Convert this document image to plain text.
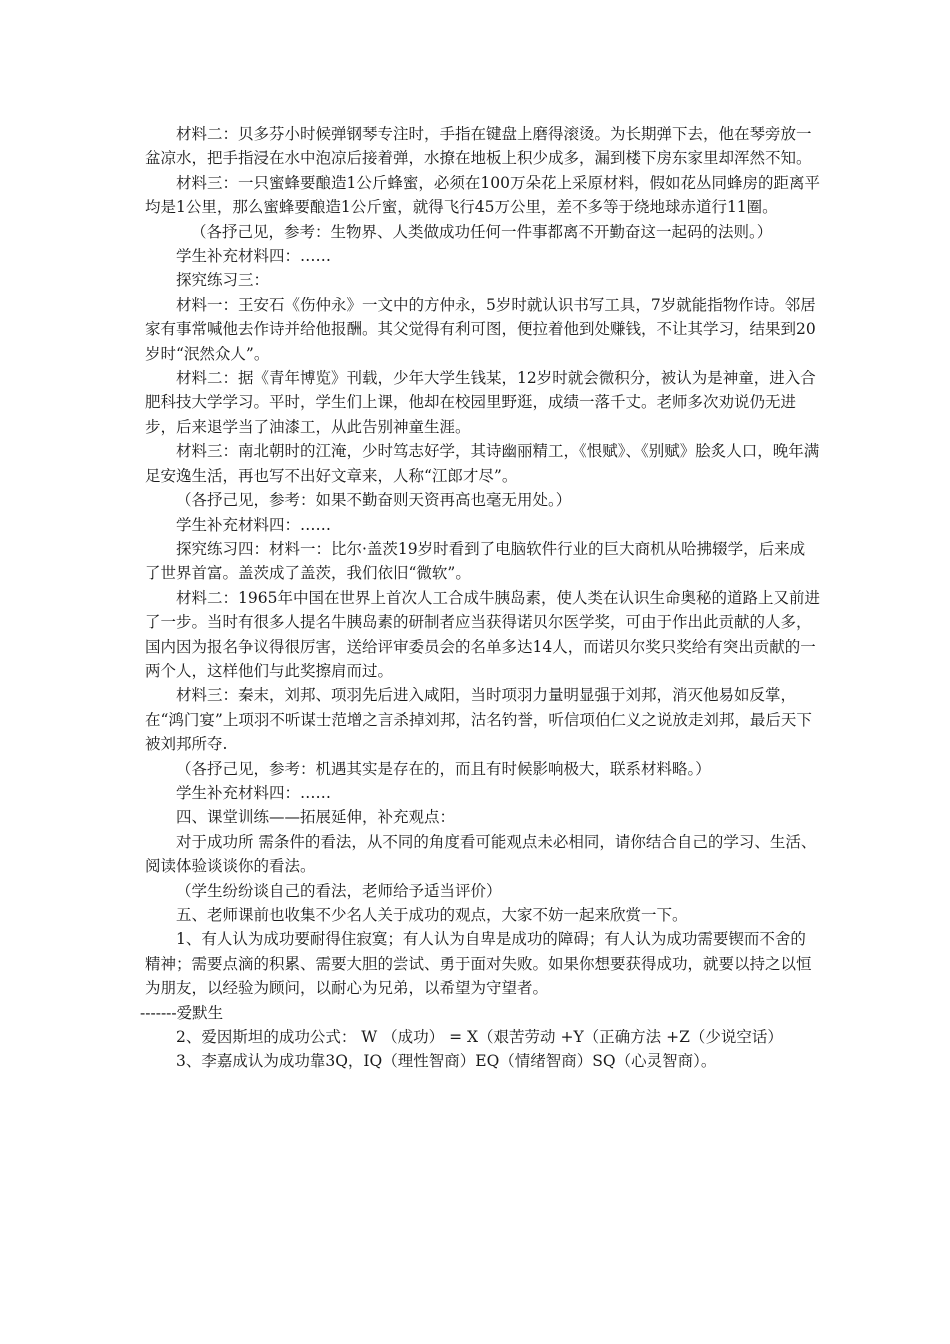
材料二：贝多芬小时候弹钢琴专注时，手指在键盘上磨得滚烫。为长期弹下去，他在琴旁放一盆凉水，把手指浸在水中泡凉后接着弹，水撩在地板上积少成多，漏到楼下房东家里却浑然不知。

材料三：一只蜜蜂要酿造1公斤蜂蜜，必须在100万朵花上采原材料，假如花丛同蜂房的距离平均是1公里，那么蜜蜂要酿造1公斤蜜，就得飞行45万公里，差不多等于绕地球赤道行11圈。

（各抒己见，参考：生物界、人类做成功任何一件事都离不开勤奋这一起码的法则。）

学生补充材料四：……

探究练习三：

材料一：王安石《伤仲永》一文中的方仲永，5岁时就认识书写工具，7岁就能指物作诗。邻居家有事常喊他去作诗并给他报酬。其父觉得有利可图，便拉着他到处赚钱，不让其学习，结果到20岁时“泯然众人”。

材料二：据《青年博览》刊载，少年大学生钱某，12岁时就会微积分，被认为是神童，进入合肥科技大学学习。平时，学生们上课，他却在校园里野逛，成绩一落千丈。老师多次劝说仍无进步，后来退学当了油漆工，从此告别神童生涯。

材料三：南北朝时的江淹，少时笃志好学，其诗幽丽精工，《恨赋》、《别赋》脍炙人口，晚年满足安逸生活，再也写不出好文章来，人称“江郎才尽”。

（各抒己见，参考：如果不勤奋则天资再高也毫无用处。）

学生补充材料四：……

探究练习四：材料一：比尔·盖茨19岁时看到了电脑软件行业的巨大商机从哈拂辍学，后来成了世界首富。盖茨成了盖茨，我们依旧“微软”。

材料二：1965年中国在世界上首次人工合成牛胰岛素，使人类在认识生命奥秘的道路上又前进了一步。当时有很多人提名牛胰岛素的研制者应当获得诺贝尔医学奖，可由于作出此贡献的人多，国内因为报名争议得很厉害，送给评审委员会的名单多达14人，而诺贝尔奖只奖给有突出贡献的一两个人，这样他们与此奖擦肩而过。

材料三：秦末，刘邦、项羽先后进入咸阳，当时项羽力量明显强于刘邦，消灭他易如反掌，在“鸿门宴”上项羽不听谋士范增之言杀掉刘邦，沽名钓誉，听信项伯仁义之说放走刘邦，最后天下被刘邦所夺.

（各抒己见，参考：机遇其实是存在的，而且有时候影响极大，联系材料略。）

学生补充材料四：……

四、课堂训练——拓展延伸，补充观点：

对于成功所 需条件的看法，从不同的角度看可能观点未必相同，请你结合自己的学习、生活、阅读体验谈谈你的看法。

（学生纷纷谈自己的看法，老师给予适当评价）

五、老师课前也收集不少名人关于成功的观点，大家不妨一起来欣赏一下。

1、有人认为成功要耐得住寂寞；有人认为自卑是成功的障碍；有人认为成功需要锲而不舍的精神；需要点滴的积累、需要大胆的尝试、勇于面对失败。如果你想要获得成功，就要以持之以恒为朋友，以经验为顾问，以耐心为兄弟，以希望为守望者。

-------爱默生

2、爱因斯坦的成功公式： W （成功） = X（艰苦劳动 +Y（正确方法 +Z（少说空话）

3、李嘉成认为成功靠3Q，IQ（理性智商）EQ（情绪智商）SQ（心灵智商）。
